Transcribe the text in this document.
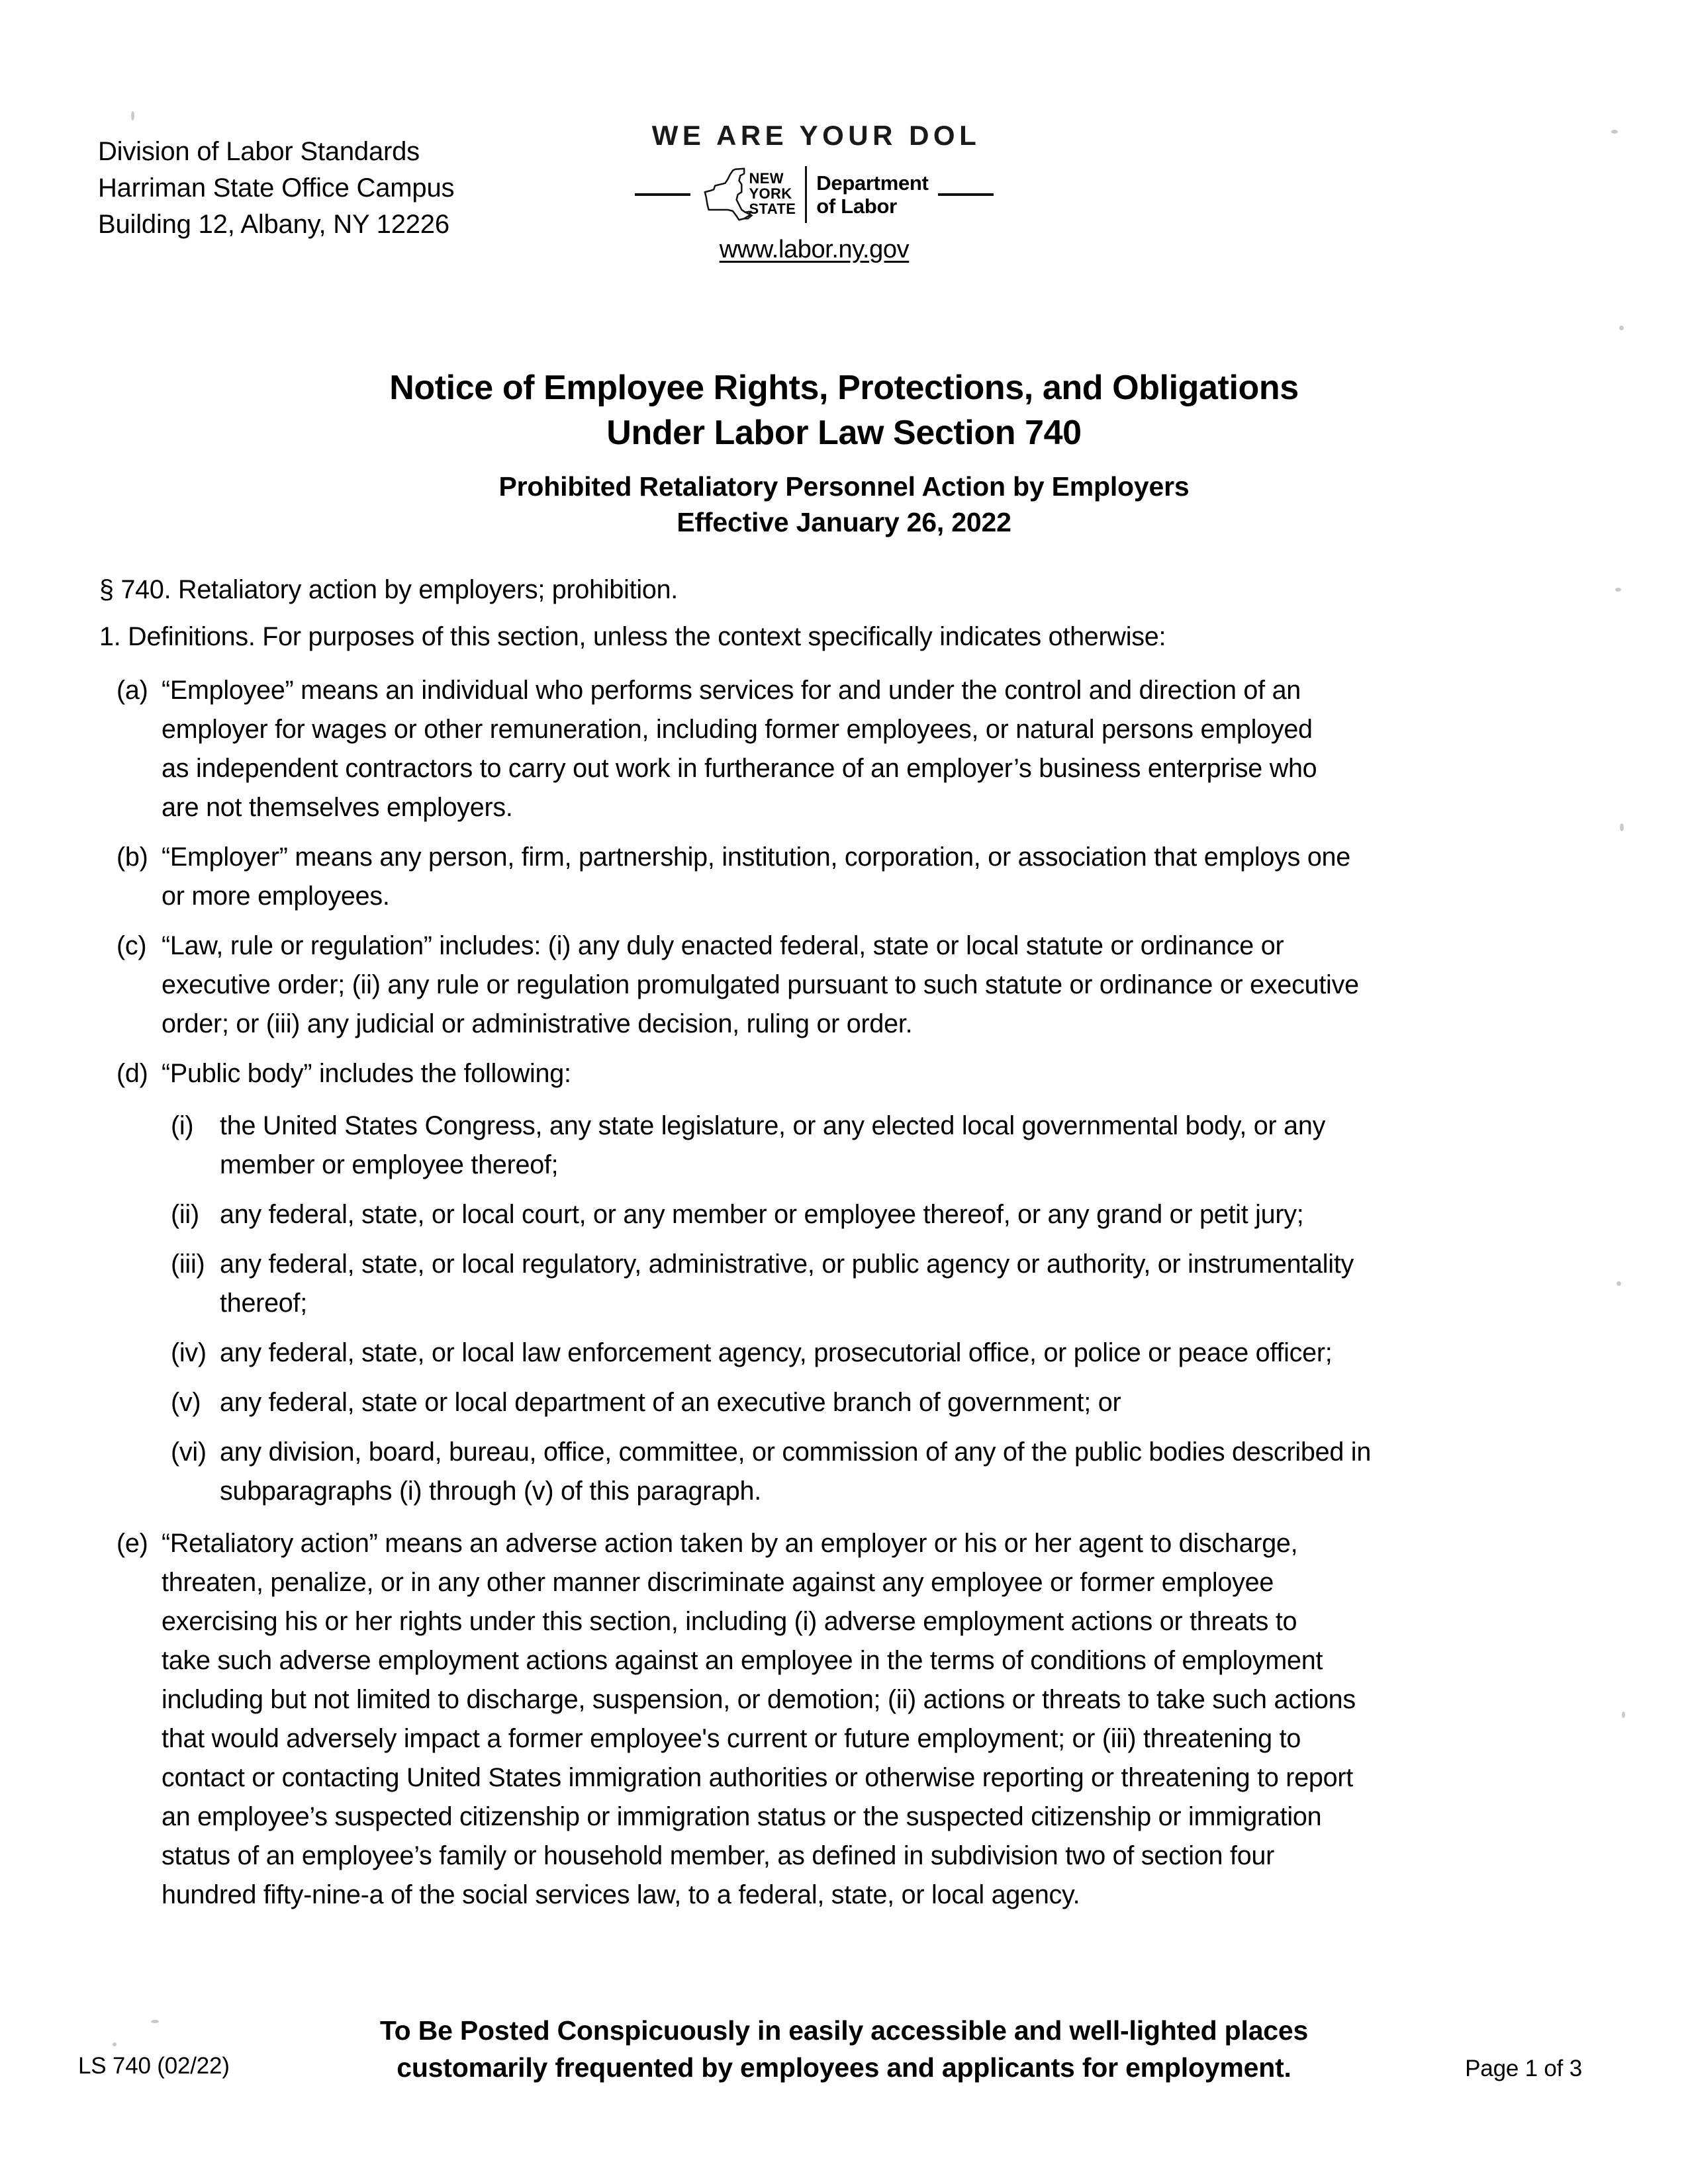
Division of Labor Standards
Harriman State Office Campus
Building 12, Albany, NY 12226
WE ARE YOUR DOL
NEW
YORK
STATE
Department
of Labor
www.labor.ny.gov
Notice of Employee Rights, Protections, and Obligations
Under Labor Law Section 740
Prohibited Retaliatory Personnel Action by Employers
Effective January 26, 2022
§ 740. Retaliatory action by employers; prohibition.
1. Definitions. For purposes of this section, unless the context specifically indicates otherwise:
(a) “Employee” means an individual who performs services for and under the control and direction of an
employer for wages or other remuneration, including former employees, or natural persons employed
as independent contractors to carry out work in furtherance of an employer’s business enterprise who
are not themselves employers.
(b) “Employer” means any person, firm, partnership, institution, corporation, or association that employs one
or more employees.
(c) “Law, rule or regulation” includes: (i) any duly enacted federal, state or local statute or ordinance or
executive order; (ii) any rule or regulation promulgated pursuant to such statute or ordinance or executive
order; or (iii) any judicial or administrative decision, ruling or order.
(d) “Public body” includes the following:
(i)	the United States Congress, any state legislature, or any elected local governmental body, or any
member or employee thereof;
(ii) any federal, state, or local court, or any member or employee thereof, or any grand or petit jury;
(iii) any federal, state, or local regulatory, administrative, or public agency or authority, or instrumentality
thereof;
(iv) any federal, state, or local law enforcement agency, prosecutorial office, or police or peace officer;
(v) any federal, state or local department of an executive branch of government; or
(vi) any division, board, bureau, office, committee, or commission of any of the public bodies described in
subparagraphs (i) through (v) of this paragraph.
(e) “Retaliatory action” means an adverse action taken by an employer or his or her agent to discharge,
threaten, penalize, or in any other manner discriminate against any employee or former employee
exercising his or her rights under this section, including (i) adverse employment actions or threats to
take such adverse employment actions against an employee in the terms of conditions of employment
including but not limited to discharge, suspension, or demotion; (ii) actions or threats to take such actions
that would adversely impact a former employee's current or future employment; or (iii) threatening to
contact or contacting United States immigration authorities or otherwise reporting or threatening to report
an employee’s suspected citizenship or immigration status or the suspected citizenship or immigration
status of an employee’s family or household member, as defined in subdivision two of section four
hundred fifty-nine-a of the social services law, to a federal, state, or local agency.
To Be Posted Conspicuously in easily accessible and well-lighted places
customarily frequented by employees and applicants for employment.
LS 740 (02/22)	Page 1 of 3
